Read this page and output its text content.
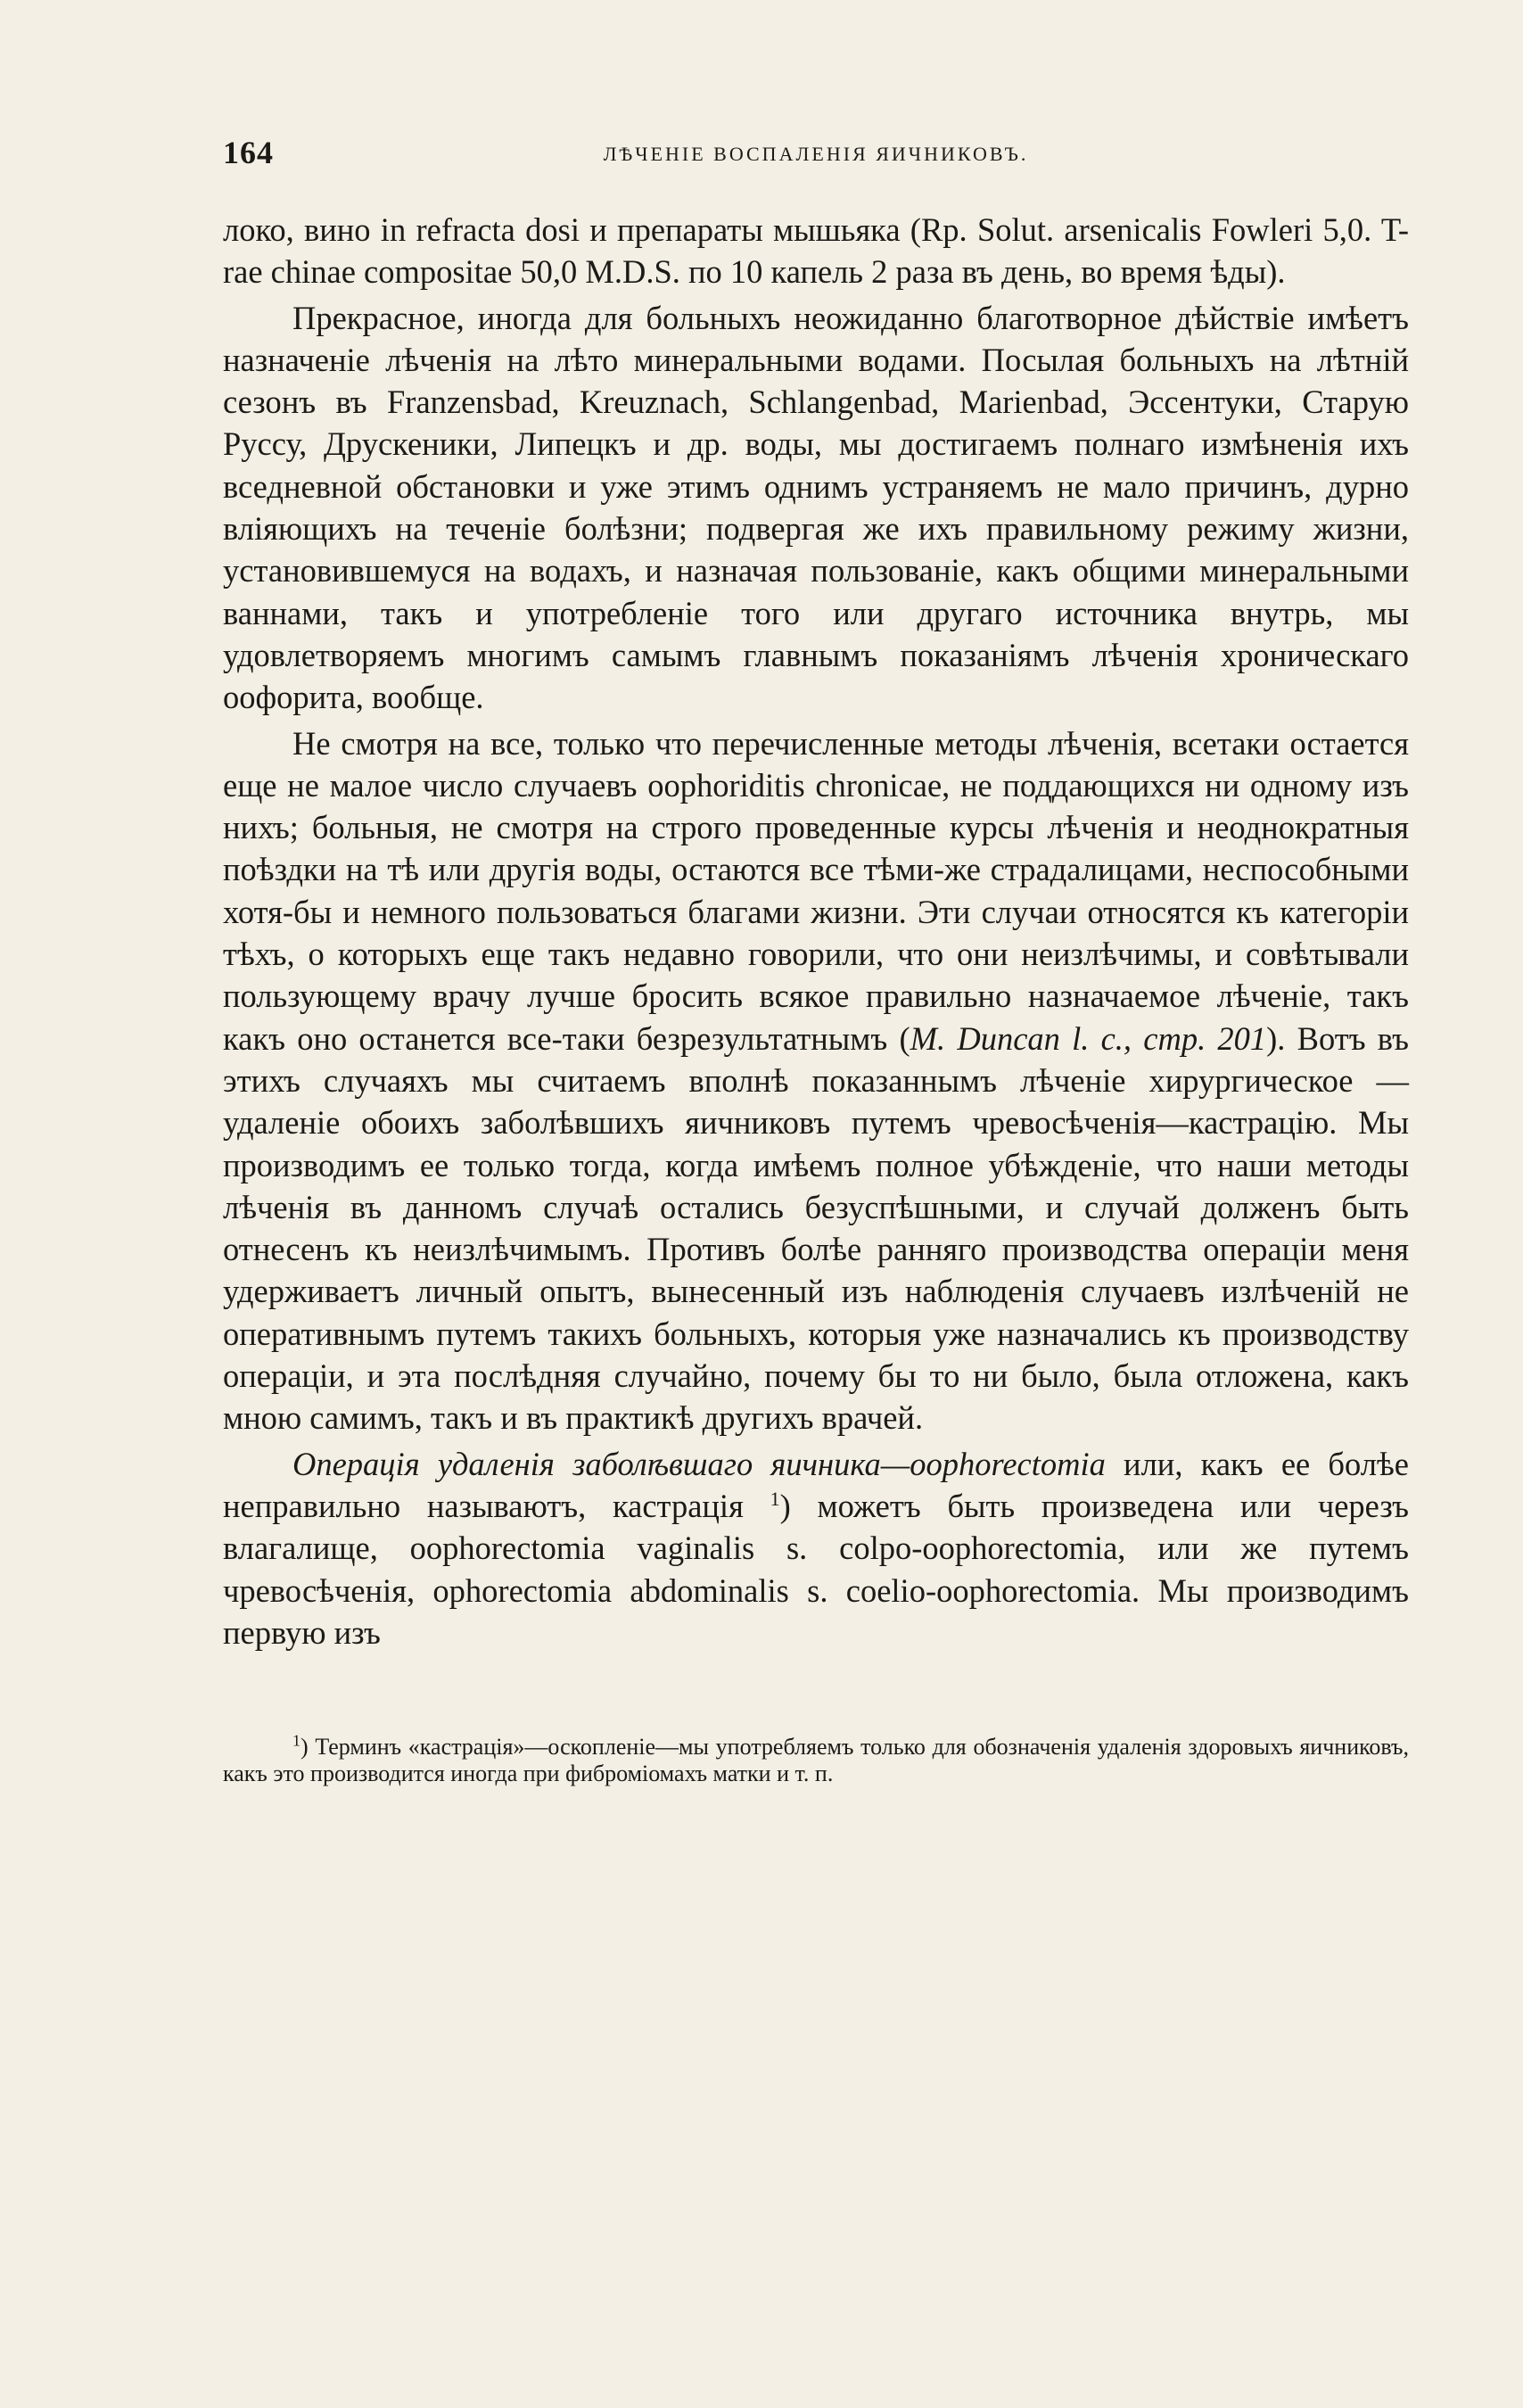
164	ЛѢЧЕНІЕ ВОСПАЛЕНІЯ ЯИЧНИКОВЪ.

локо, вино in refracta dosi и препараты мышьяка (Rp. Solut. arsenicalis Fowleri 5,0. T-rae chinae compositae 50,0 M.D.S. по 10 капель 2 раза въ день, во время ѣды).

Прекрасное, иногда для больныхъ неожиданно благотворное дѣйствіе имѣетъ назначеніе лѣченія на лѣто минеральными водами. Посылая больныхъ на лѣтній сезонъ въ Franzensbad, Kreuznach, Schlangenbad, Marienbad, Эссентуки, Старую Руссу, Друскеники, Липецкъ и др. воды, мы достигаемъ полнаго измѣненія ихъ вседневной обстановки и уже этимъ однимъ устраняемъ не мало причинъ, дурно вліяющихъ на теченіе болѣзни; подвергая же ихъ правильному режиму жизни, установившемуся на водахъ, и назначая пользованіе, какъ общими минеральными ваннами, такъ и употребленіе того или другаго источника внутрь, мы удовлетворяемъ многимъ самымъ главнымъ показаніямъ лѣченія хроническаго оофорита, вообще.

Не смотря на все, только что перечисленные методы лѣченія, всетаки остается еще не малое число случаевъ oophoriditis chronicae, не поддающихся ни одному изъ нихъ; больныя, не смотря на строго проведенные курсы лѣченія и неоднократныя поѣздки на тѣ или другія воды, остаются все тѣми-же страдалицами, неспособными хотя-бы и немного пользоваться благами жизни. Эти случаи относятся къ категоріи тѣхъ, о которыхъ еще такъ недавно говорили, что они неизлѣчимы, и совѣтывали пользующему врачу лучше бросить всякое правильно назначаемое лѣченіе, такъ какъ оно останется все-таки безрезультатнымъ (M. Duncan l. c., стр. 201). Вотъ въ этихъ случаяхъ мы считаемъ вполнѣ показаннымъ лѣченіе хирургическое — удаленіе обоихъ заболѣвшихъ яичниковъ путемъ чревосѣченія—кастрацію. Мы производимъ ее только тогда, когда имѣемъ полное убѣжденіе, что наши методы лѣченія въ данномъ случаѣ остались безуспѣшными, и случай долженъ быть отнесенъ къ неизлѣчимымъ. Противъ болѣе ранняго производства операціи меня удерживаетъ личный опытъ, вынесенный изъ наблюденія случаевъ излѣченій не оперативнымъ путемъ такихъ больныхъ, которыя уже назначались къ производству операціи, и эта послѣдняя случайно, почему бы то ни было, была отложена, какъ мною самимъ, такъ и въ практикѣ другихъ врачей.

Операція удаленія заболѣвшаго яичника—oophorectomia или, какъ ее болѣе неправильно называютъ, кастрація $^1$) можетъ быть произведена или черезъ влагалище, oophorectomia vaginalis s. colpo-oophorectomia, или же путемъ чревосѣченія, ophorectomia abdominalis s. coelio-oophorectomia. Мы производимъ первую изъ

$^1$) Терминъ «кастрація»—оскопленіе—мы употребляемъ только для обозначенія удаленія здоровыхъ яичниковъ, какъ это производится иногда при фиброміомахъ матки и т. п.
